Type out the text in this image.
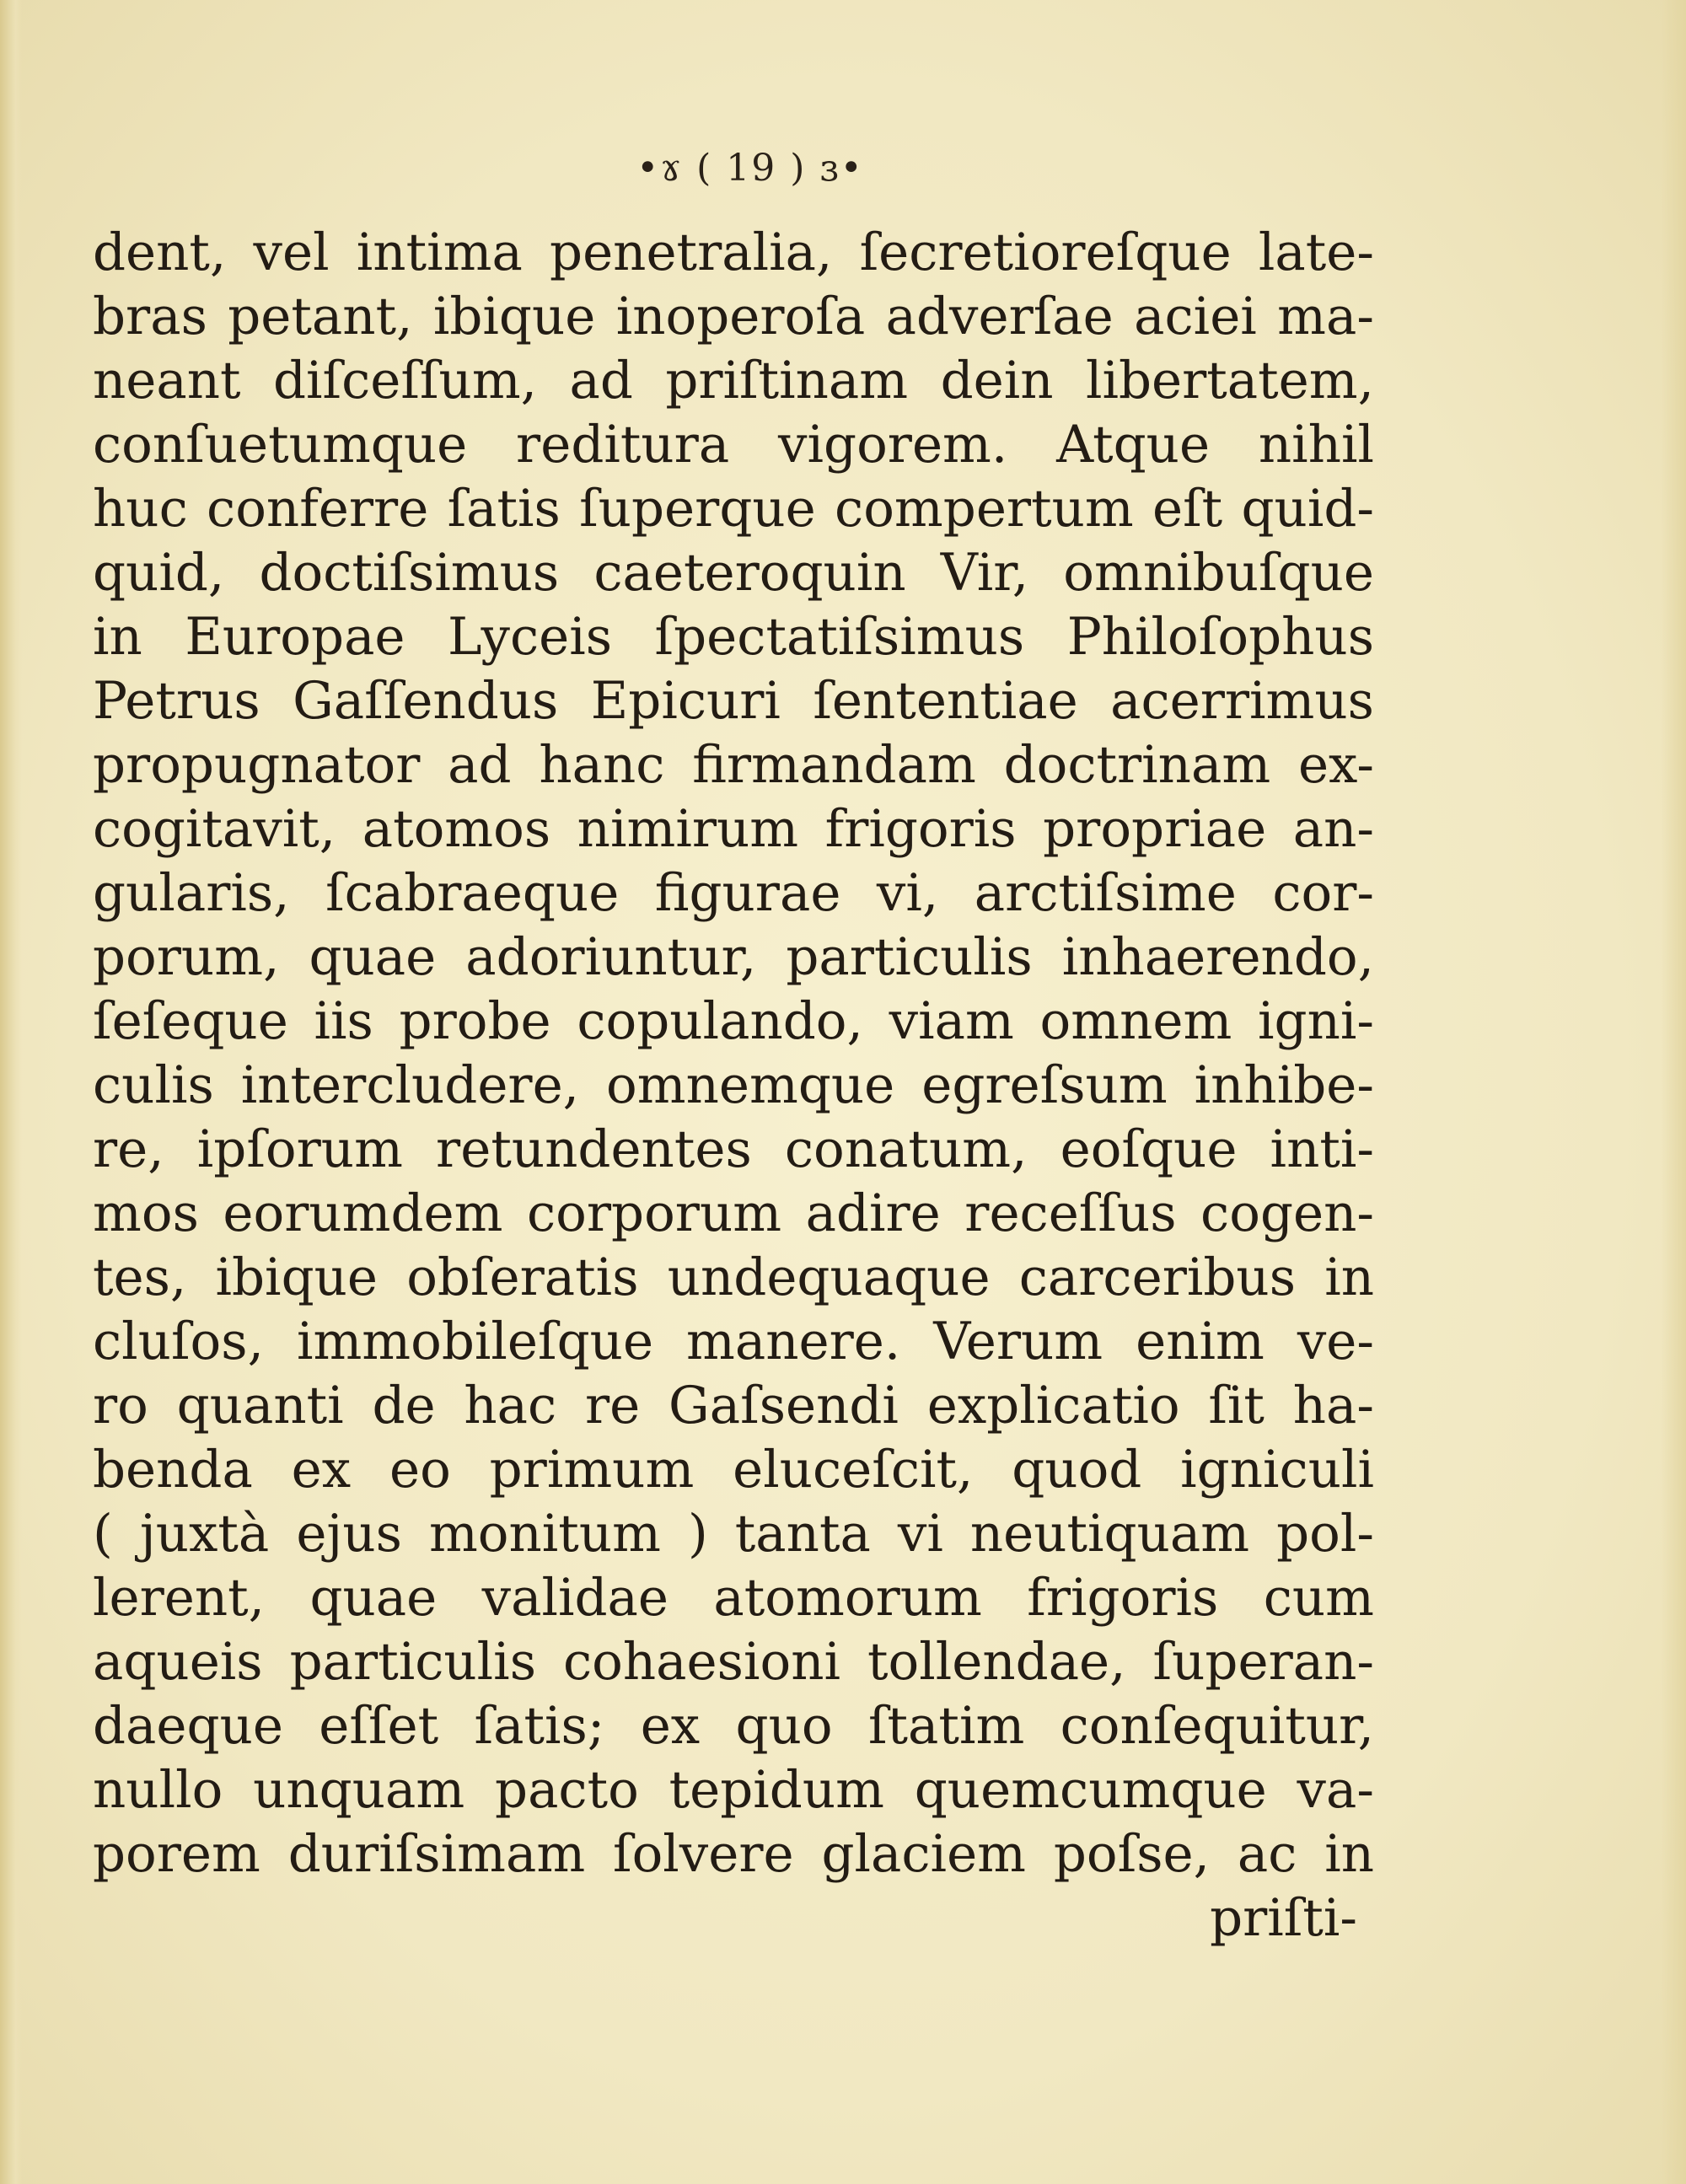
•ɤ ( 19 ) ɜ•
dent, vel intima penetralia, ſecretioreſque late-
bras petant, ibique inoperoſa adverſae aciei ma-
neant diſceſſum, ad priſtinam dein libertatem,
conſuetumque reditura vigorem. Atque nihil
huc conferre ſatis ſuperque compertum eſt quid-
quid, doctiſsimus caeteroquin Vir, omnibuſque
in Europae Lyceis ſpectatiſsimus Philoſophus
Petrus Gaſſendus Epicuri ſententiae acerrimus
propugnator ad hanc firmandam doctrinam ex-
cogitavit, atomos nimirum frigoris propriae an-
gularis, ſcabraeque figurae vi, arctiſsime cor-
porum, quae adoriuntur, particulis inhaerendo,
ſeſeque iis probe copulando, viam omnem igni-
culis intercludere, omnemque egreſsum inhibe-
re, ipſorum retundentes conatum, eoſque inti-
mos eorumdem corporum adire receſſus cogen-
tes, ibique obſeratis undequaque carceribus in
cluſos, immobileſque manere. Verum enim ve-
ro quanti de hac re Gaſsendi explicatio ſit ha-
benda ex eo primum eluceſcit, quod igniculi
( juxtà ejus monitum ) tanta vi neutiquam pol-
lerent, quae validae atomorum frigoris cum
aqueis particulis cohaesioni tollendae, ſuperan-
daeque eſſet ſatis; ex quo ſtatim conſequitur,
nullo unquam pacto tepidum quemcumque va-
porem duriſsimam ſolvere glaciem poſse, ac in
priſti-
